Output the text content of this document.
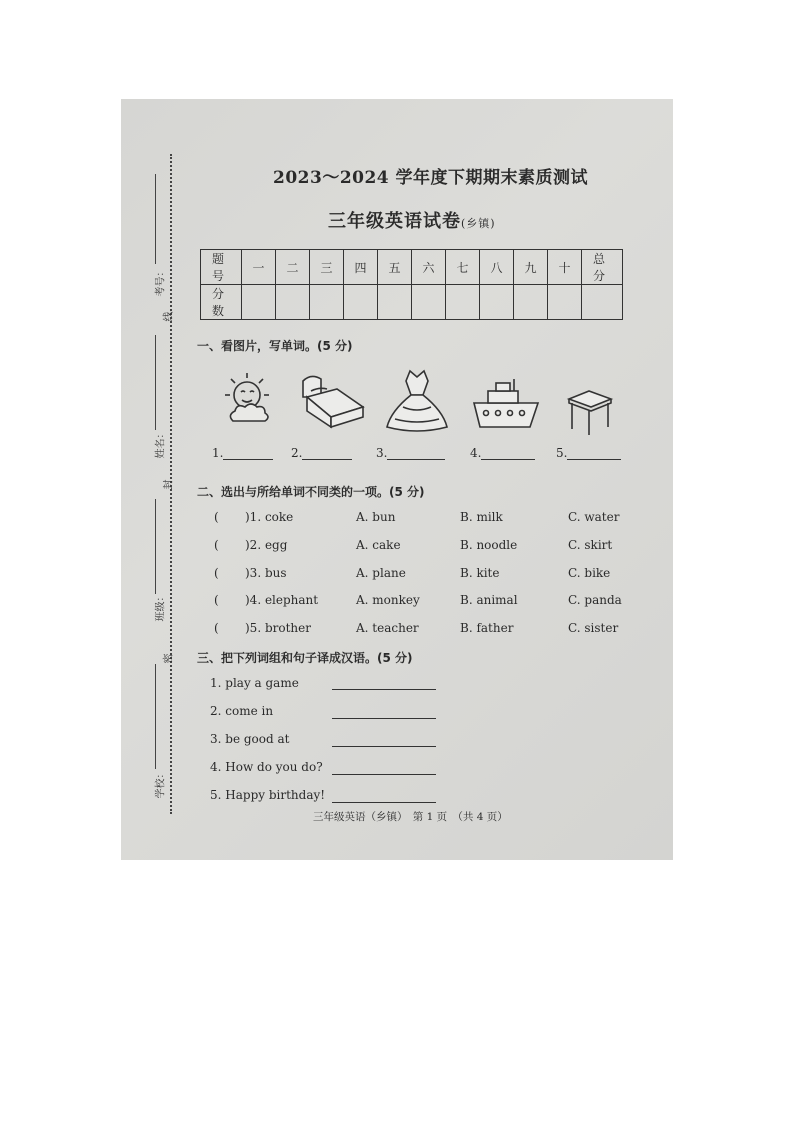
考号：
线
姓名：
封
班级：
密
学校：
2023～2024 学年度下期期末素质测试
三年级英语试卷(乡镇)
题 号	一	二	三	四	五	六	七	八	九	十	总 分
分 数											
一、看图片，写单词。(5 分)
1.	2.	3.	4.	5.
二、选出与所给单词不同类的一项。(5 分)
( )1. coke	A. bun	B. milk	C. water
( )2. egg	A. cake	B. noodle	C. skirt
( )3. bus	A. plane	B. kite	C. bike
( )4. elephant	A. monkey	B. animal	C. panda
( )5. brother	A. teacher	B. father	C. sister
三、把下列词组和句子译成汉语。(5 分)
1. play a game
2. come in
3. be good at
4. How do you do?
5. Happy birthday!
三年级英语（乡镇）　第 1 页　（共 4 页）
